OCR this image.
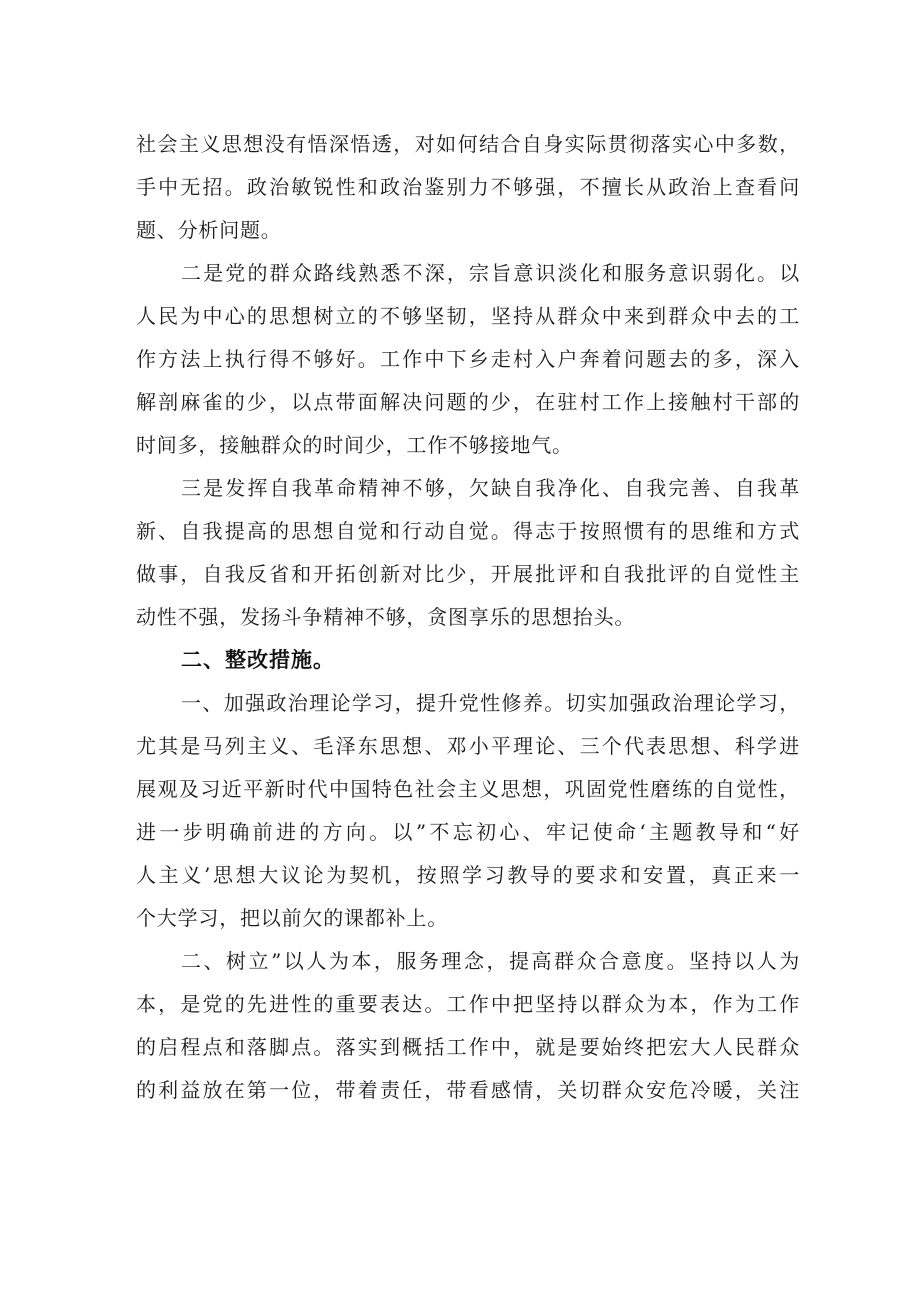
社会主义思想没有悟深悟透，对如何结合自身实际贯彻落实心中多数，
手中无招。政治敏锐性和政治鉴别力不够强，不擅长从政治上查看问
题、分析问题。
二是党的群众路线熟悉不深，宗旨意识淡化和服务意识弱化。以
人民为中心的思想树立的不够坚韧，坚持从群众中来到群众中去的工
作方法上执行得不够好。工作中下乡走村入户奔着问题去的多，深入
解剖麻雀的少，以点带面解决问题的少，在驻村工作上接触村干部的
时间多，接触群众的时间少，工作不够接地气。
三是发挥自我革命精神不够，欠缺自我净化、自我完善、自我革
新、自我提高的思想自觉和行动自觉。得志于按照惯有的思维和方式
做事，自我反省和开拓创新对比少，开展批评和自我批评的自觉性主
动性不强，发扬斗争精神不够，贪图享乐的思想抬头。
二、整改措施。
一、加强政治理论学习，提升党性修养。切实加强政治理论学习，
尤其是马列主义、毛泽东思想、邓小平理论、三个代表思想、科学进
展观及习近平新时代中国特色社会主义思想，巩固党性磨练的自觉性，
进一步明确前进的方向。以”不忘初心、牢记使命‘主题教导和“好
人主义’思想大议论为契机，按照学习教导的要求和安置，真正来一
个大学习，把以前欠的课都补上。
二、树立”以人为本，服务理念，提高群众合意度。坚持以人为
本，是党的先进性的重要表达。工作中把坚持以群众为本，作为工作
的启程点和落脚点。落实到概括工作中，就是要始终把宏大人民群众
的利益放在第一位，带着责任，带看感情，关切群众安危冷暖，关注
